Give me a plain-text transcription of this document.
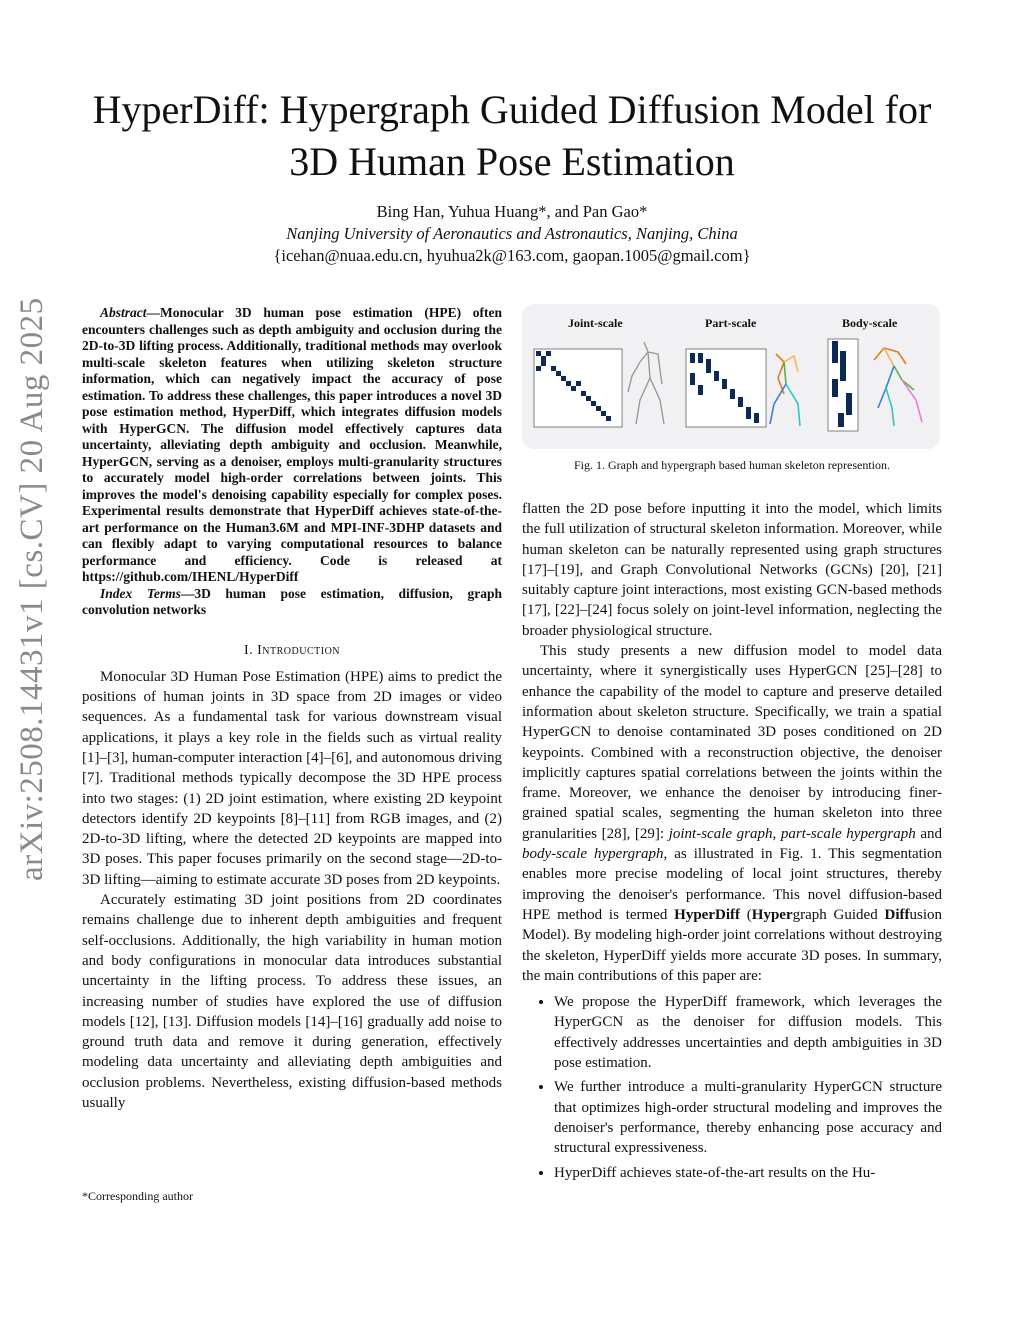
arXiv:2508.14431v1 [cs.CV] 20 Aug 2025
HyperDiff: Hypergraph Guided Diffusion Model for
3D Human Pose Estimation
Bing Han, Yuhua Huang*, and Pan Gao*
Nanjing University of Aeronautics and Astronautics, Nanjing, China
{icehan@nuaa.edu.cn, hyuhua2k@163.com, gaopan.1005@gmail.com}

Abstract—Monocular 3D human pose estimation (HPE) often encounters challenges such as depth ambiguity and occlusion during the 2D-to-3D lifting process. Additionally, traditional methods may overlook multi-scale skeleton features when utilizing skeleton structure information, which can negatively impact the accuracy of pose estimation. To address these challenges, this paper introduces a novel 3D pose estimation method, HyperDiff, which integrates diffusion models with HyperGCN. The diffusion model effectively captures data uncertainty, alleviating depth ambiguity and occlusion. Meanwhile, HyperGCN, serving as a denoiser, employs multi-granularity structures to accurately model high-order correlations between joints. This improves the model's denoising capability especially for complex poses. Experimental results demonstrate that HyperDiff achieves state-of-the-art performance on the Human3.6M and MPI-INF-3DHP datasets and can flexibly adapt to varying computational resources to balance performance and efficiency. Code is released at https://github.com/IHENL/HyperDiff

Index Terms—3D human pose estimation, diffusion, graph convolution networks

I. Introduction

Monocular 3D Human Pose Estimation (HPE) aims to predict the positions of human joints in 3D space from 2D images or video sequences. As a fundamental task for various downstream visual applications, it plays a key role in the fields such as virtual reality [1]–[3], human-computer interaction [4]–[6], and autonomous driving [7]. Traditional methods typically decompose the 3D HPE process into two stages: (1) 2D joint estimation, where existing 2D keypoint detectors identify 2D keypoints [8]–[11] from RGB images, and (2) 2D-to-3D lifting, where the detected 2D keypoints are mapped into 3D poses. This paper focuses primarily on the second stage—2D-to-3D lifting—aiming to estimate accurate 3D poses from 2D keypoints.

Accurately estimating 3D joint positions from 2D coordinates remains challenge due to inherent depth ambiguities and frequent self-occlusions. Additionally, the high variability in human motion and body configurations in monocular data introduces substantial uncertainty in the lifting process. To address these issues, an increasing number of studies have explored the use of diffusion models [12], [13]. Diffusion models [14]–[16] gradually add noise to ground truth data and remove it during generation, effectively modeling data uncertainty and alleviating depth ambiguities and occlusion problems. Nevertheless, existing diffusion-based methods usually

*Corresponding author
Joint-scale	Part-scale	Body-scale
Fig. 1. Graph and hypergraph based human skeleton represention.

flatten the 2D pose before inputting it into the model, which limits the full utilization of structural skeleton information. Moreover, while human skeleton can be naturally represented using graph structures [17]–[19], and Graph Convolutional Networks (GCNs) [20], [21] suitably capture joint interactions, most existing GCN-based methods [17], [22]–[24] focus solely on joint-level information, neglecting the broader physiological structure.

This study presents a new diffusion model to model data uncertainty, where it synergistically uses HyperGCN [25]–[28] to enhance the capability of the model to capture and preserve detailed information about skeleton structure. Specifically, we train a spatial HyperGCN to denoise contaminated 3D poses conditioned on 2D keypoints. Combined with a reconstruction objective, the denoiser implicitly captures spatial correlations between the joints within the frame. Moreover, we enhance the denoiser by introducing finer-grained spatial scales, segmenting the human skeleton into three granularities [28], [29]: joint-scale graph, part-scale hypergraph and body-scale hypergraph, as illustrated in Fig. 1. This segmentation enables more precise modeling of local joint structures, thereby improving the denoiser's performance. This novel diffusion-based HPE method is termed HyperDiff (Hypergraph Guided Diffusion Model). By modeling high-order joint correlations without destroying the skeleton, HyperDiff yields more accurate 3D poses. In summary, the main contributions of this paper are:

• We propose the HyperDiff framework, which leverages the HyperGCN as the denoiser for diffusion models. This effectively addresses uncertainties and depth ambiguities in 3D pose estimation.
• We further introduce a multi-granularity HyperGCN structure that optimizes high-order structural modeling and improves the denoiser's performance, thereby enhancing pose accuracy and structural expressiveness.
• HyperDiff achieves state-of-the-art results on the Hu-
